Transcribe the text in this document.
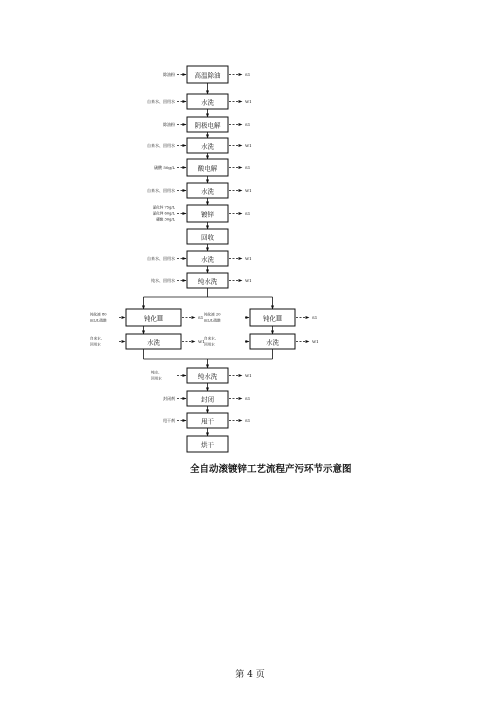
高温除油
除油粉	S1
水洗
自来水、回用水	W1
阴极电解
除油粉	S1
水洗
自来水、回用水	W1
酸电解
硫酸 50g/L	S1
水洗
自来水、回用水	W1
镀锌
氯化锌 75g/L
氯化钾 60g/L
硼酸 30g/L
S1
回收
水洗
自来水、回用水	W1
纯水洗
纯水、回用水	W1
钝化Ⅲ
钝化液 80
mL/L硝酸
S1	钝化Ⅲ
钝化液 20
mL/L硝酸
S1
水洗
自来水、
回用水
W1	水洗
自来水、
回用水
W1
纯水洗
纯水、
回用水
W1
封闭
封闭剂	S1
甩干
甩干剂	S1
烘干
全自动滚镀锌工艺流程产污环节示意图
第 4 页
